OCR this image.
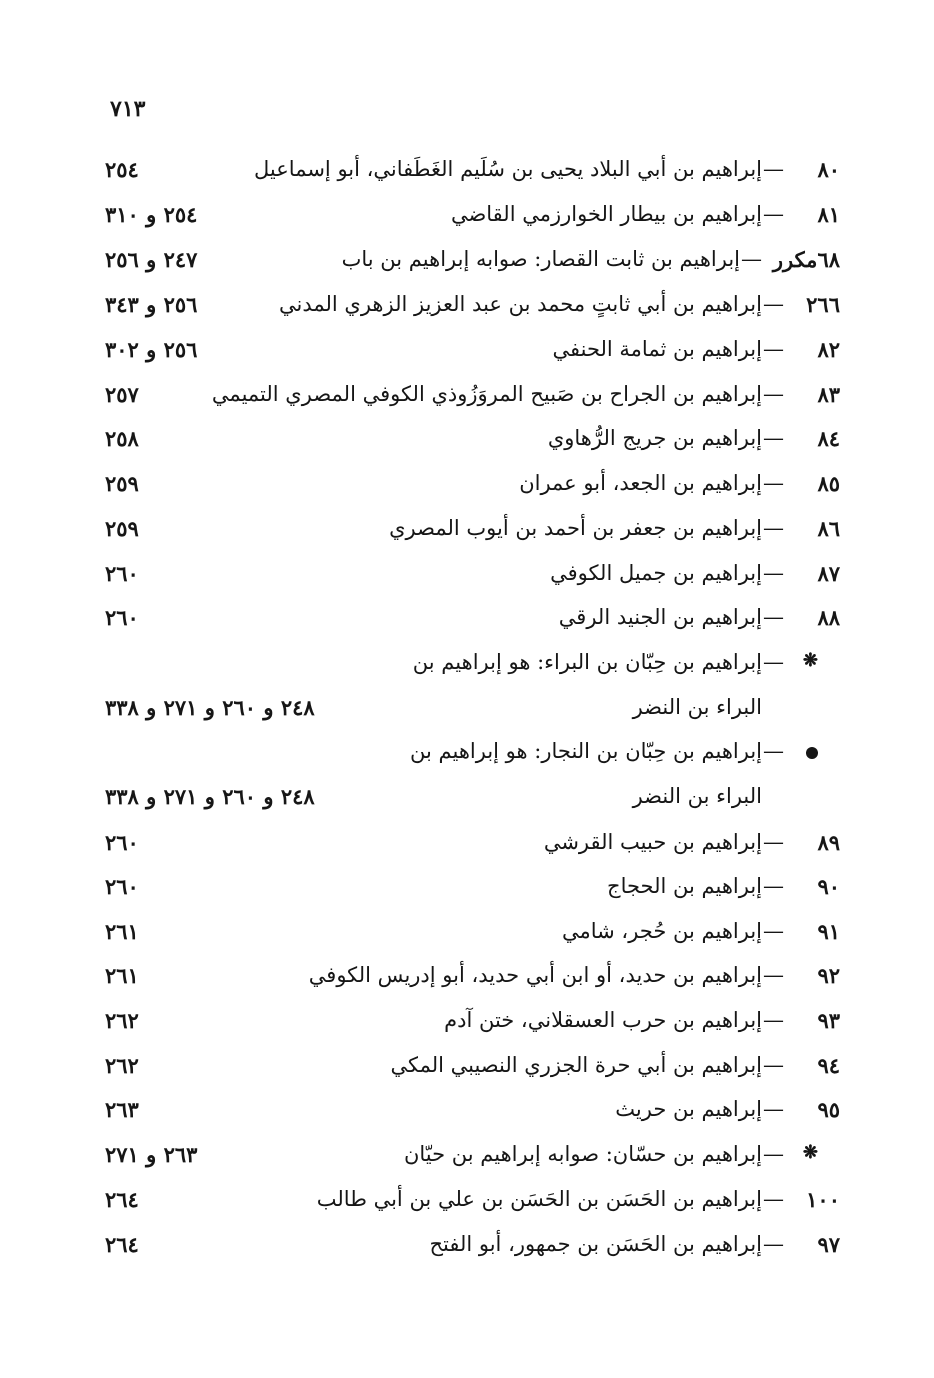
٧١٣
٨٠
—
إبراهيم بن أبي البلاد يحيى بن سُلَيم الغَطَفاني، أبو إسماعيل
٢٥٤
٨١
—
إبراهيم بن بيطار الخوارزمي القاضي
٢٥٤ و ٣١٠
٦٨مكرر
—
إبراهيم بن ثابت القصار: صوابه إبراهيم بن باب
٢٤٧ و ٢٥٦
٢٦٦
—
إبراهيم بن أبي ثابتٍ محمد بن عبد العزيز الزهري المدني
٢٥٦ و ٣٤٣
٨٢
—
إبراهيم بن ثمامة الحنفي
٢٥٦ و ٣٠٢
٨٣
—
إبراهيم بن الجراح بن صَبيح المروَزُوذي الكوفي المصري التميمي
٢٥٧
٨٤
—
إبراهيم بن جريج الرُّهاوي
٢٥٨
٨٥
—
إبراهيم بن الجعد، أبو عمران
٢٥٩
٨٦
—
إبراهيم بن جعفر بن أحمد بن أيوب المصري
٢٥٩
٨٧
—
إبراهيم بن جميل الكوفي
٢٦٠
٨٨
—
إبراهيم بن الجنيد الرقي
٢٦٠
❋
—
إبراهيم بن حِبّان بن البراء: هو إبراهيم بن
البراء بن النضر
٢٤٨ و ٢٦٠ و ٢٧١ و ٣٣٨
—
إبراهيم بن حِبّان بن النجار: هو إبراهيم بن
البراء بن النضر
٢٤٨ و ٢٦٠ و ٢٧١ و ٣٣٨
٨٩
—
إبراهيم بن حبيب القرشي
٢٦٠
٩٠
—
إبراهيم بن الحجاج
٢٦٠
٩١
—
إبراهيم بن حُجر، شامي
٢٦١
٩٢
—
إبراهيم بن حديد، أو ابن أبي حديد، أبو إدريس الكوفي
٢٦١
٩٣
—
إبراهيم بن حرب العسقلاني، ختن آدم
٢٦٢
٩٤
—
إبراهيم بن أبي حرة الجزري النصيبي المكي
٢٦٢
٩٥
—
إبراهيم بن حريث
٢٦٣
❋
—
إبراهيم بن حسّان: صوابه إبراهيم بن حيّان
٢٦٣ و ٢٧١
١٠٠
—
إبراهيم بن الحَسَن بن الحَسَن بن علي بن أبي طالب
٢٦٤
٩٧
—
إبراهيم بن الحَسَن بن جمهور، أبو الفتح
٢٦٤
